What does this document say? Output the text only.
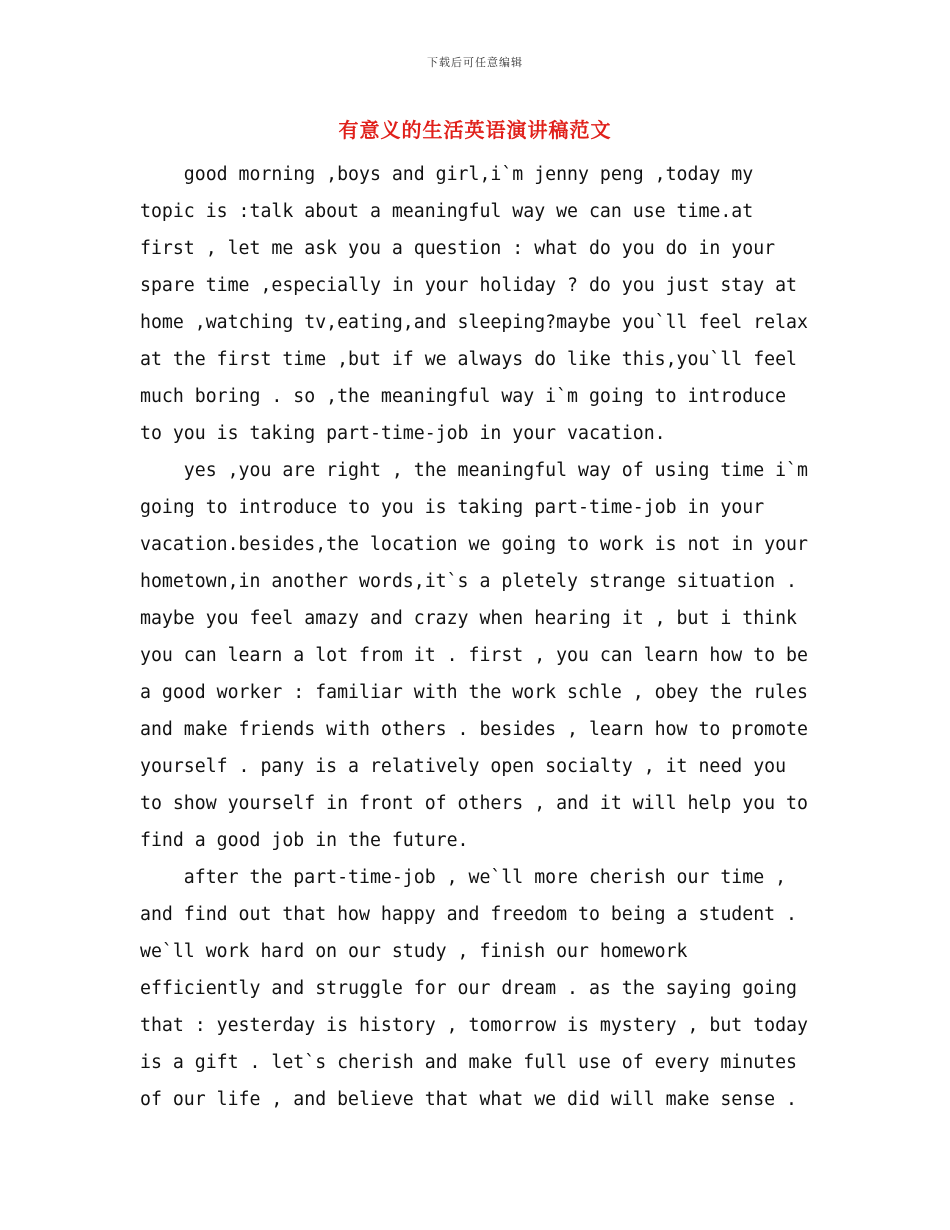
下载后可任意编辑
有意义的生活英语演讲稿范文
good morning ,boys and girl,i`m jenny peng ,today my
topic is :talk about a meaningful way we can use time.at
first , let me ask you a question : what do you do in your
spare time ,especially in your holiday ? do you just stay at
home ,watching tv,eating,and sleeping?maybe you`ll feel relax
at the first time ,but if we always do like this,you`ll feel
much boring . so ,the meaningful way i`m going to introduce
to you is taking part-time-job in your vacation.
yes ,you are right , the meaningful way of using time i`m
going to introduce to you is taking part-time-job in your
vacation.besides,the location we going to work is not in your
hometown,in another words,it`s a pletely strange situation .
maybe you feel amazy and crazy when hearing it , but i think
you can learn a lot from it . first , you can learn how to be
a good worker : familiar with the work schle , obey the rules
and make friends with others . besides , learn how to promote
yourself . pany is a relatively open socialty , it need you
to show yourself in front of others , and it will help you to
find a good job in the future.
after the part-time-job , we`ll more cherish our time ,
and find out that how happy and freedom to being a student .
we`ll work hard on our study , finish our homework
efficiently and struggle for our dream . as the saying going
that : yesterday is history , tomorrow is mystery , but today
is a gift . let`s cherish and make full use of every minutes
of our life , and believe that what we did will make sense .
